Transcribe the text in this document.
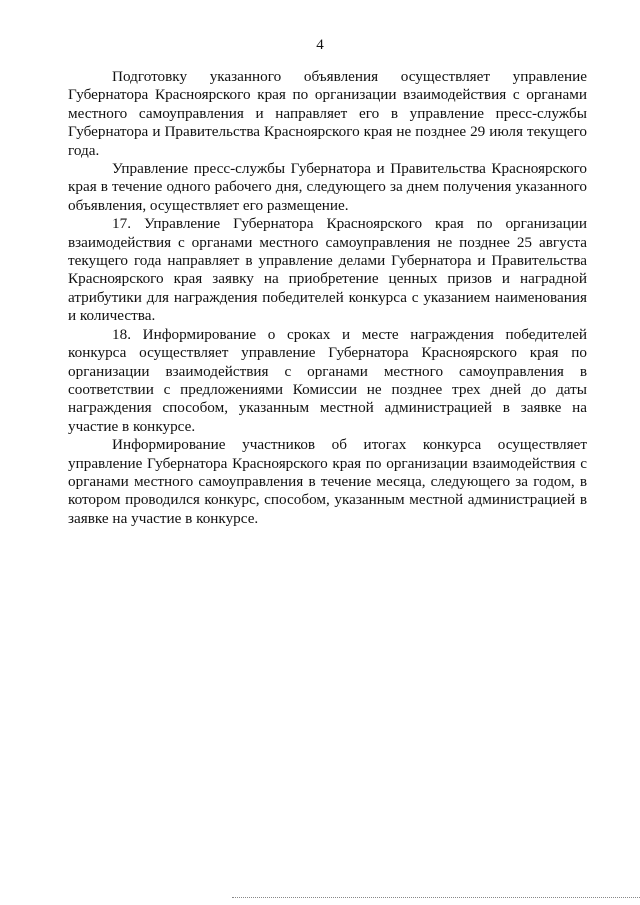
4

Подготовку указанного объявления осуществляет управление Губернатора Красноярского края по организации взаимодействия с органами местного самоуправления и направляет его в управление пресс-службы Губернатора и Правительства Красноярского края не позднее 29 июля текущего года.

Управление пресс-службы Губернатора и Правительства Красноярского края в течение одного рабочего дня, следующего за днем получения указанного объявления, осуществляет его размещение.

17. Управление Губернатора Красноярского края по организации взаимодействия с органами местного самоуправления не позднее 25 августа текущего года направляет в управление делами Губернатора и Правительства Красноярского края заявку на приобретение ценных призов и наградной атрибутики для награждения победителей конкурса с указанием наименования и количества.

18. Информирование о сроках и месте награждения победителей конкурса осуществляет управление Губернатора Красноярского края по организации взаимодействия с органами местного самоуправления в соответствии с предложениями Комиссии не позднее трех дней до даты награждения способом, указанным местной администрацией в заявке на участие в конкурсе.

Информирование участников об итогах конкурса осуществляет управление Губернатора Красноярского края по организации взаимодействия с органами местного самоуправления в течение месяца, следующего за годом, в котором проводился конкурс, способом, указанным местной администрацией в заявке на участие в конкурсе.
